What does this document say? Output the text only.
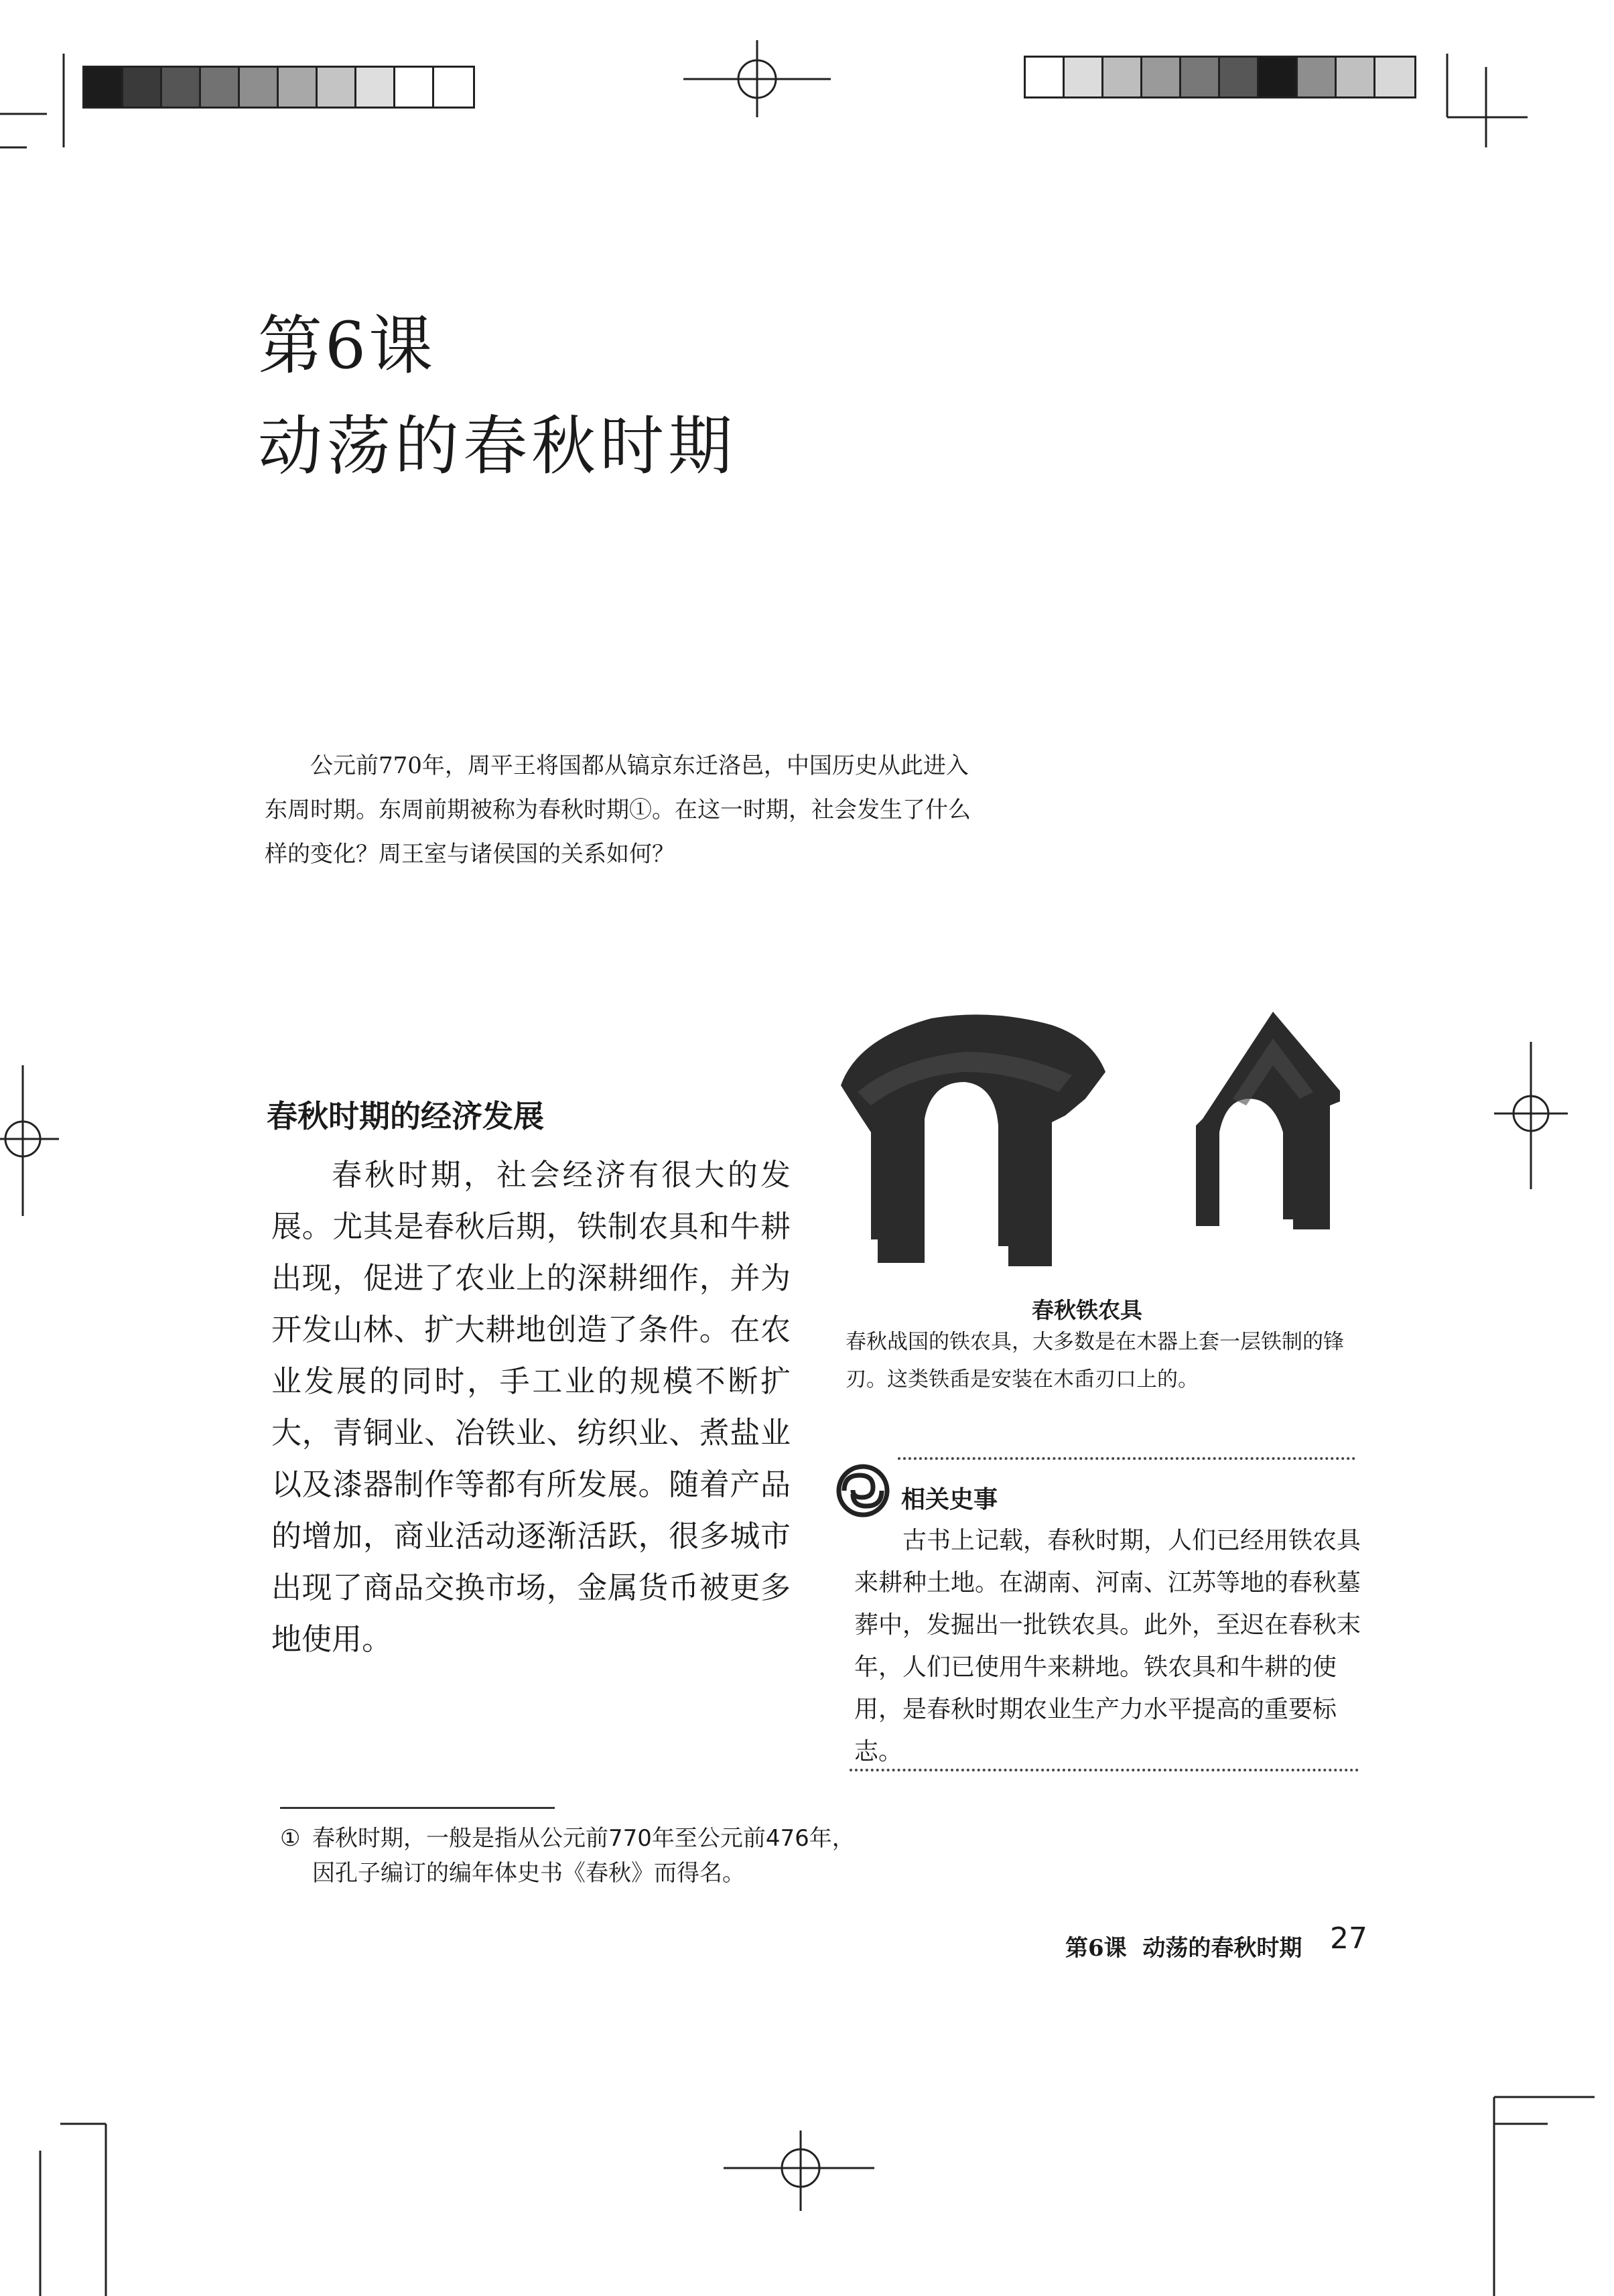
第6课
动荡的春秋时期

公元前770年，周平王将国都从镐京东迁洛邑，中国历史从此进入东周时期。东周前期被称为春秋时期①。在这一时期，社会发生了什么样的变化？周王室与诸侯国的关系如何？

春秋时期的经济发展

春秋时期，社会经济有很大的发展。尤其是春秋后期，铁制农具和牛耕出现，促进了农业上的深耕细作，并为开发山林、扩大耕地创造了条件。在农业发展的同时，手工业的规模不断扩大，青铜业、冶铁业、纺织业、煮盐业以及漆器制作等都有所发展。随着产品的增加，商业活动逐渐活跃，很多城市出现了商品交换市场，金属货币被更多地使用。

春秋铁农具
春秋战国的铁农具，大多数是在木器上套一层铁制的锋刃。这类铁臿是安装在木臿刃口上的。
相关史事

古书上记载，春秋时期，人们已经用铁农具来耕种土地。在湖南、河南、江苏等地的春秋墓葬中，发掘出一批铁农具。此外，至迟在春秋末年，人们已使用牛来耕地。铁农具和牛耕的使用，是春秋时期农业生产力水平提高的重要标志。

① 春秋时期，一般是指从公元前770年至公元前476年，
因孔子编订的编年体史书《春秋》而得名。
第6课  动荡的春秋时期 27
